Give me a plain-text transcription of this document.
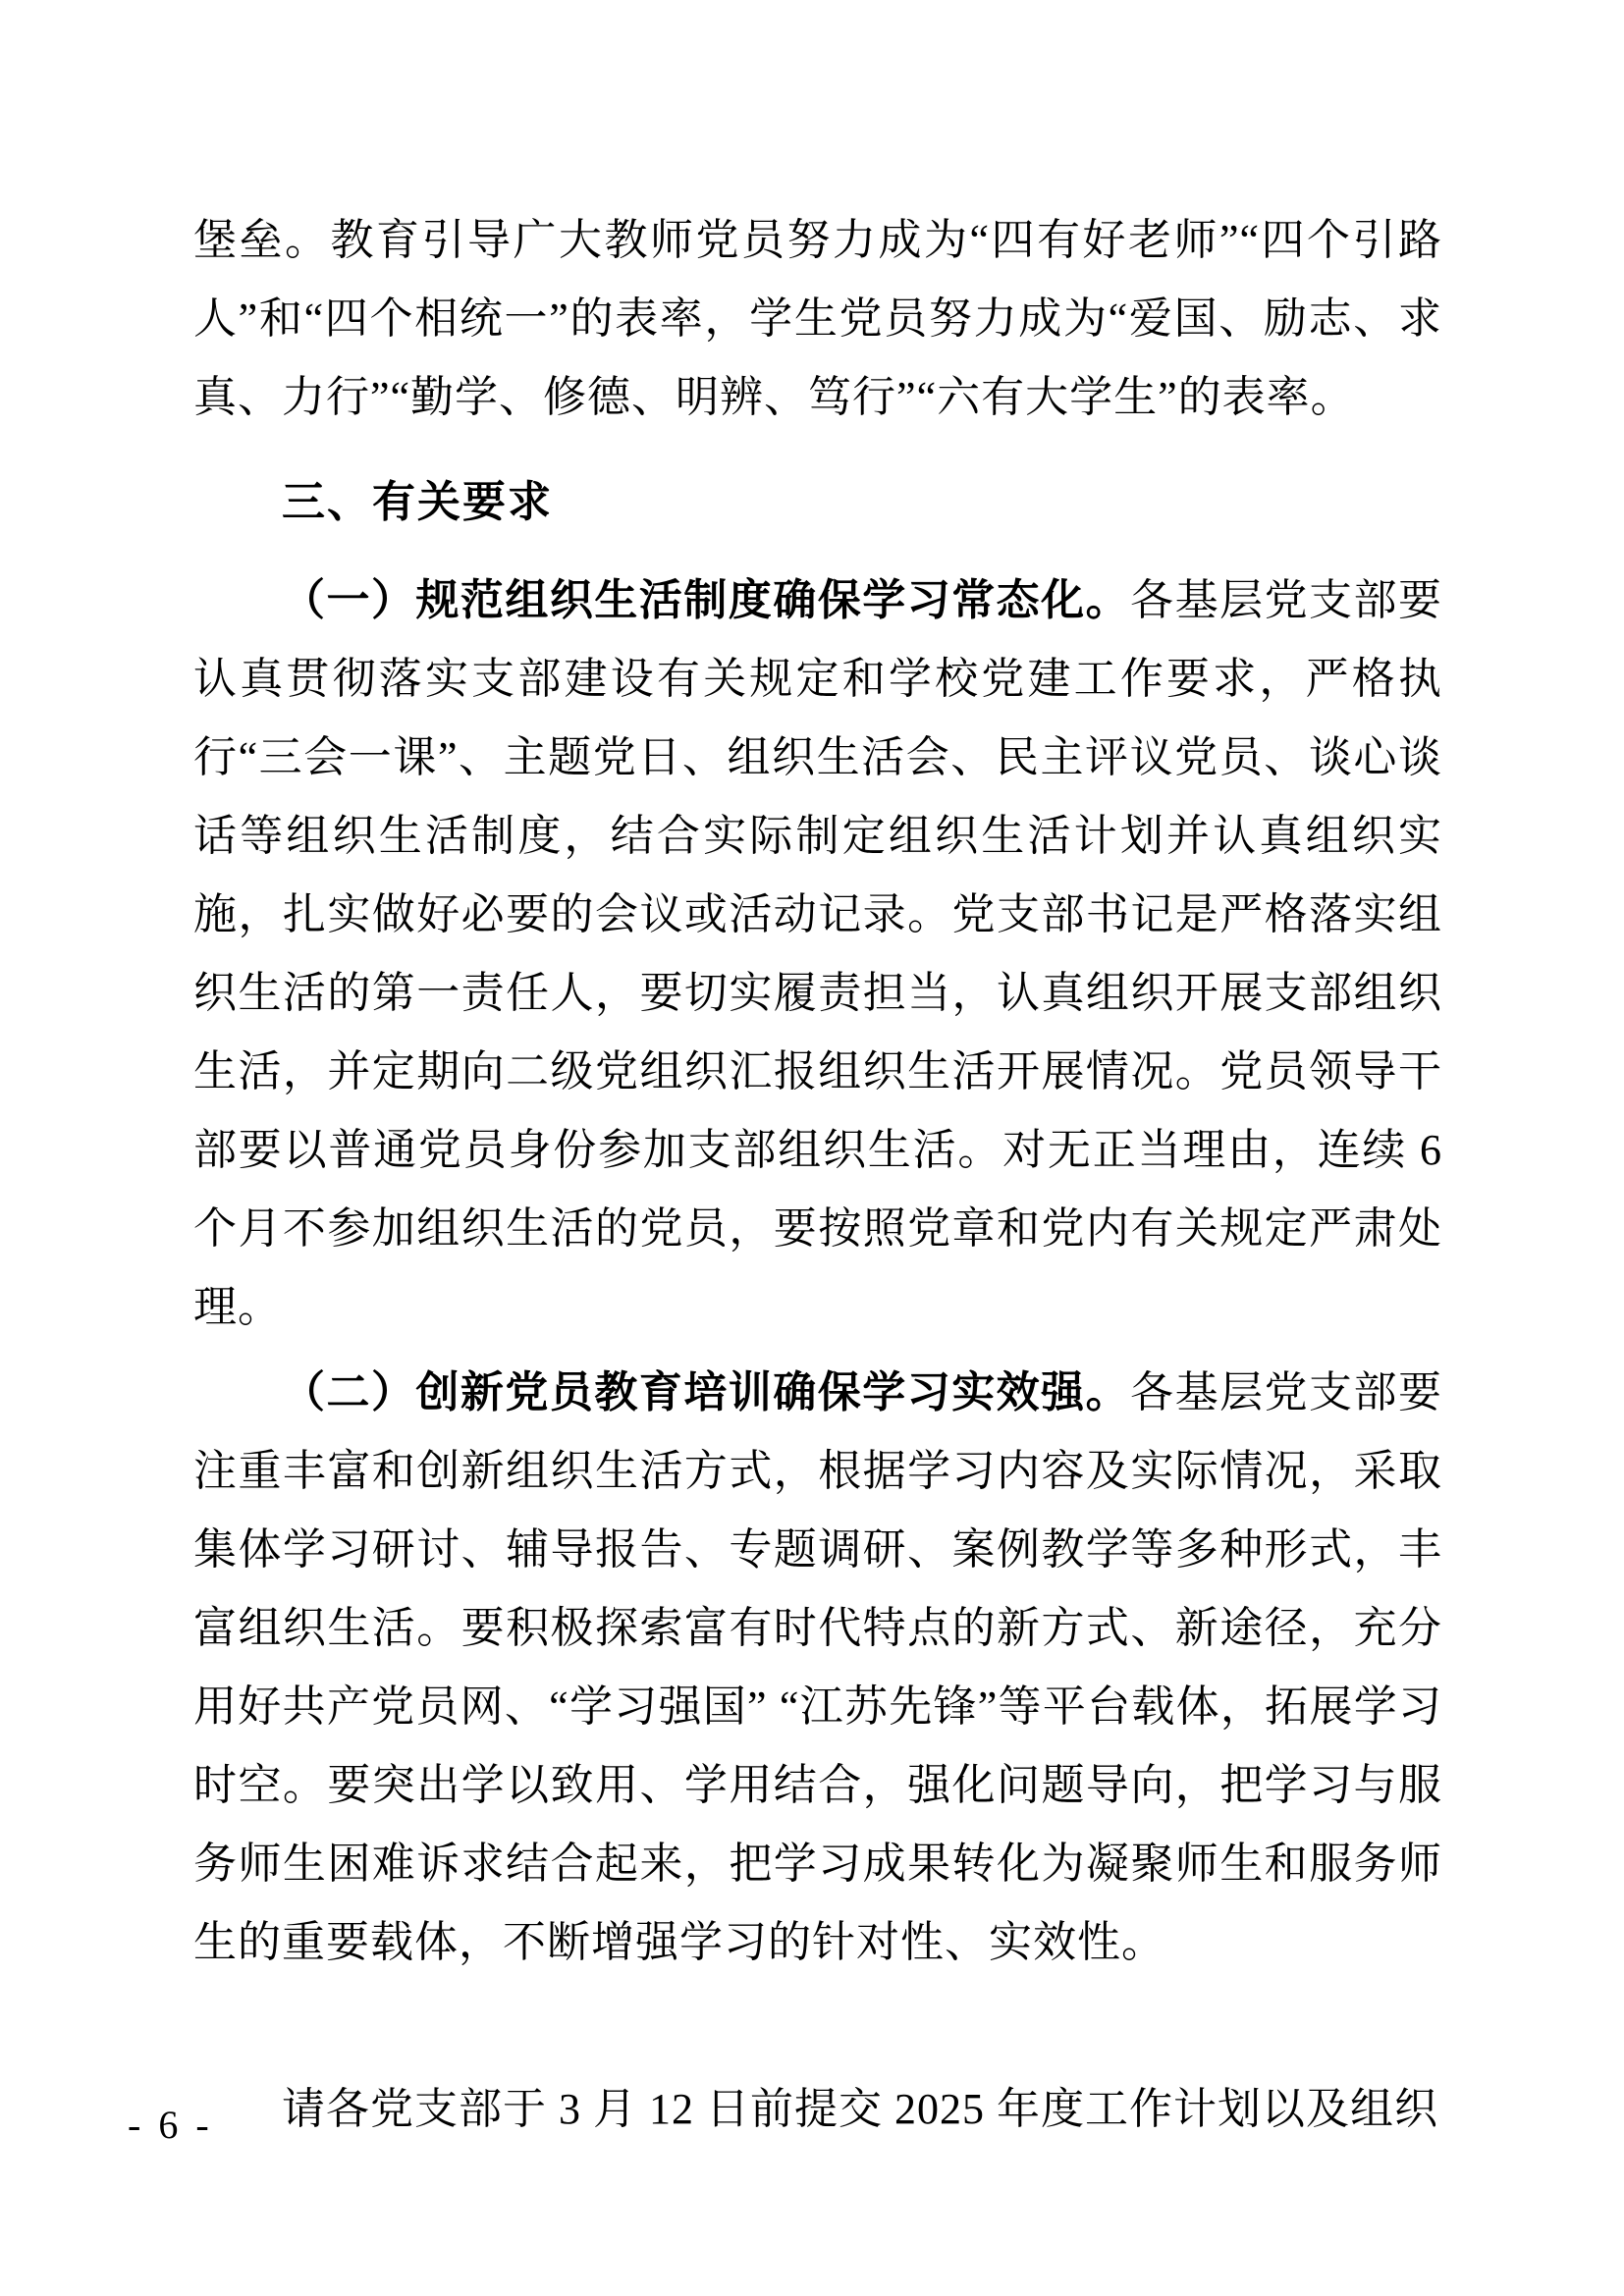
堡垒。教育引导广大教师党员努力成为“四有好老师”“四个引路人”和“四个相统一”的表率，学生党员努力成为“爱国、励志、求真、力行”“勤学、修德、明辨、笃行”“六有大学生”的表率。

三、有关要求

（一）规范组织生活制度确保学习常态化。各基层党支部要认真贯彻落实支部建设有关规定和学校党建工作要求，严格执行“三会一课”、主题党日、组织生活会、民主评议党员、谈心谈话等组织生活制度，结合实际制定组织生活计划并认真组织实施，扎实做好必要的会议或活动记录。党支部书记是严格落实组织生活的第一责任人，要切实履责担当，认真组织开展支部组织生活，并定期向二级党组织汇报组织生活开展情况。党员领导干部要以普通党员身份参加支部组织生活。对无正当理由，连续 6 个月不参加组织生活的党员，要按照党章和党内有关规定严肃处理。

（二）创新党员教育培训确保学习实效强。各基层党支部要注重丰富和创新组织生活方式，根据学习内容及实际情况，采取集体学习研讨、辅导报告、专题调研、案例教学等多种形式，丰富组织生活。要积极探索富有时代特点的新方式、新途径，充分用好共产党员网、“学习强国” “江苏先锋”等平台载体，拓展学习时空。要突出学以致用、学用结合，强化问题导向，把学习与服务师生困难诉求结合起来，把学习成果转化为凝聚师生和服务师生的重要载体，不断增强学习的针对性、实效性。

请各党支部于 3 月 12 日前提交 2025 年度工作计划以及组织

- 6 -
